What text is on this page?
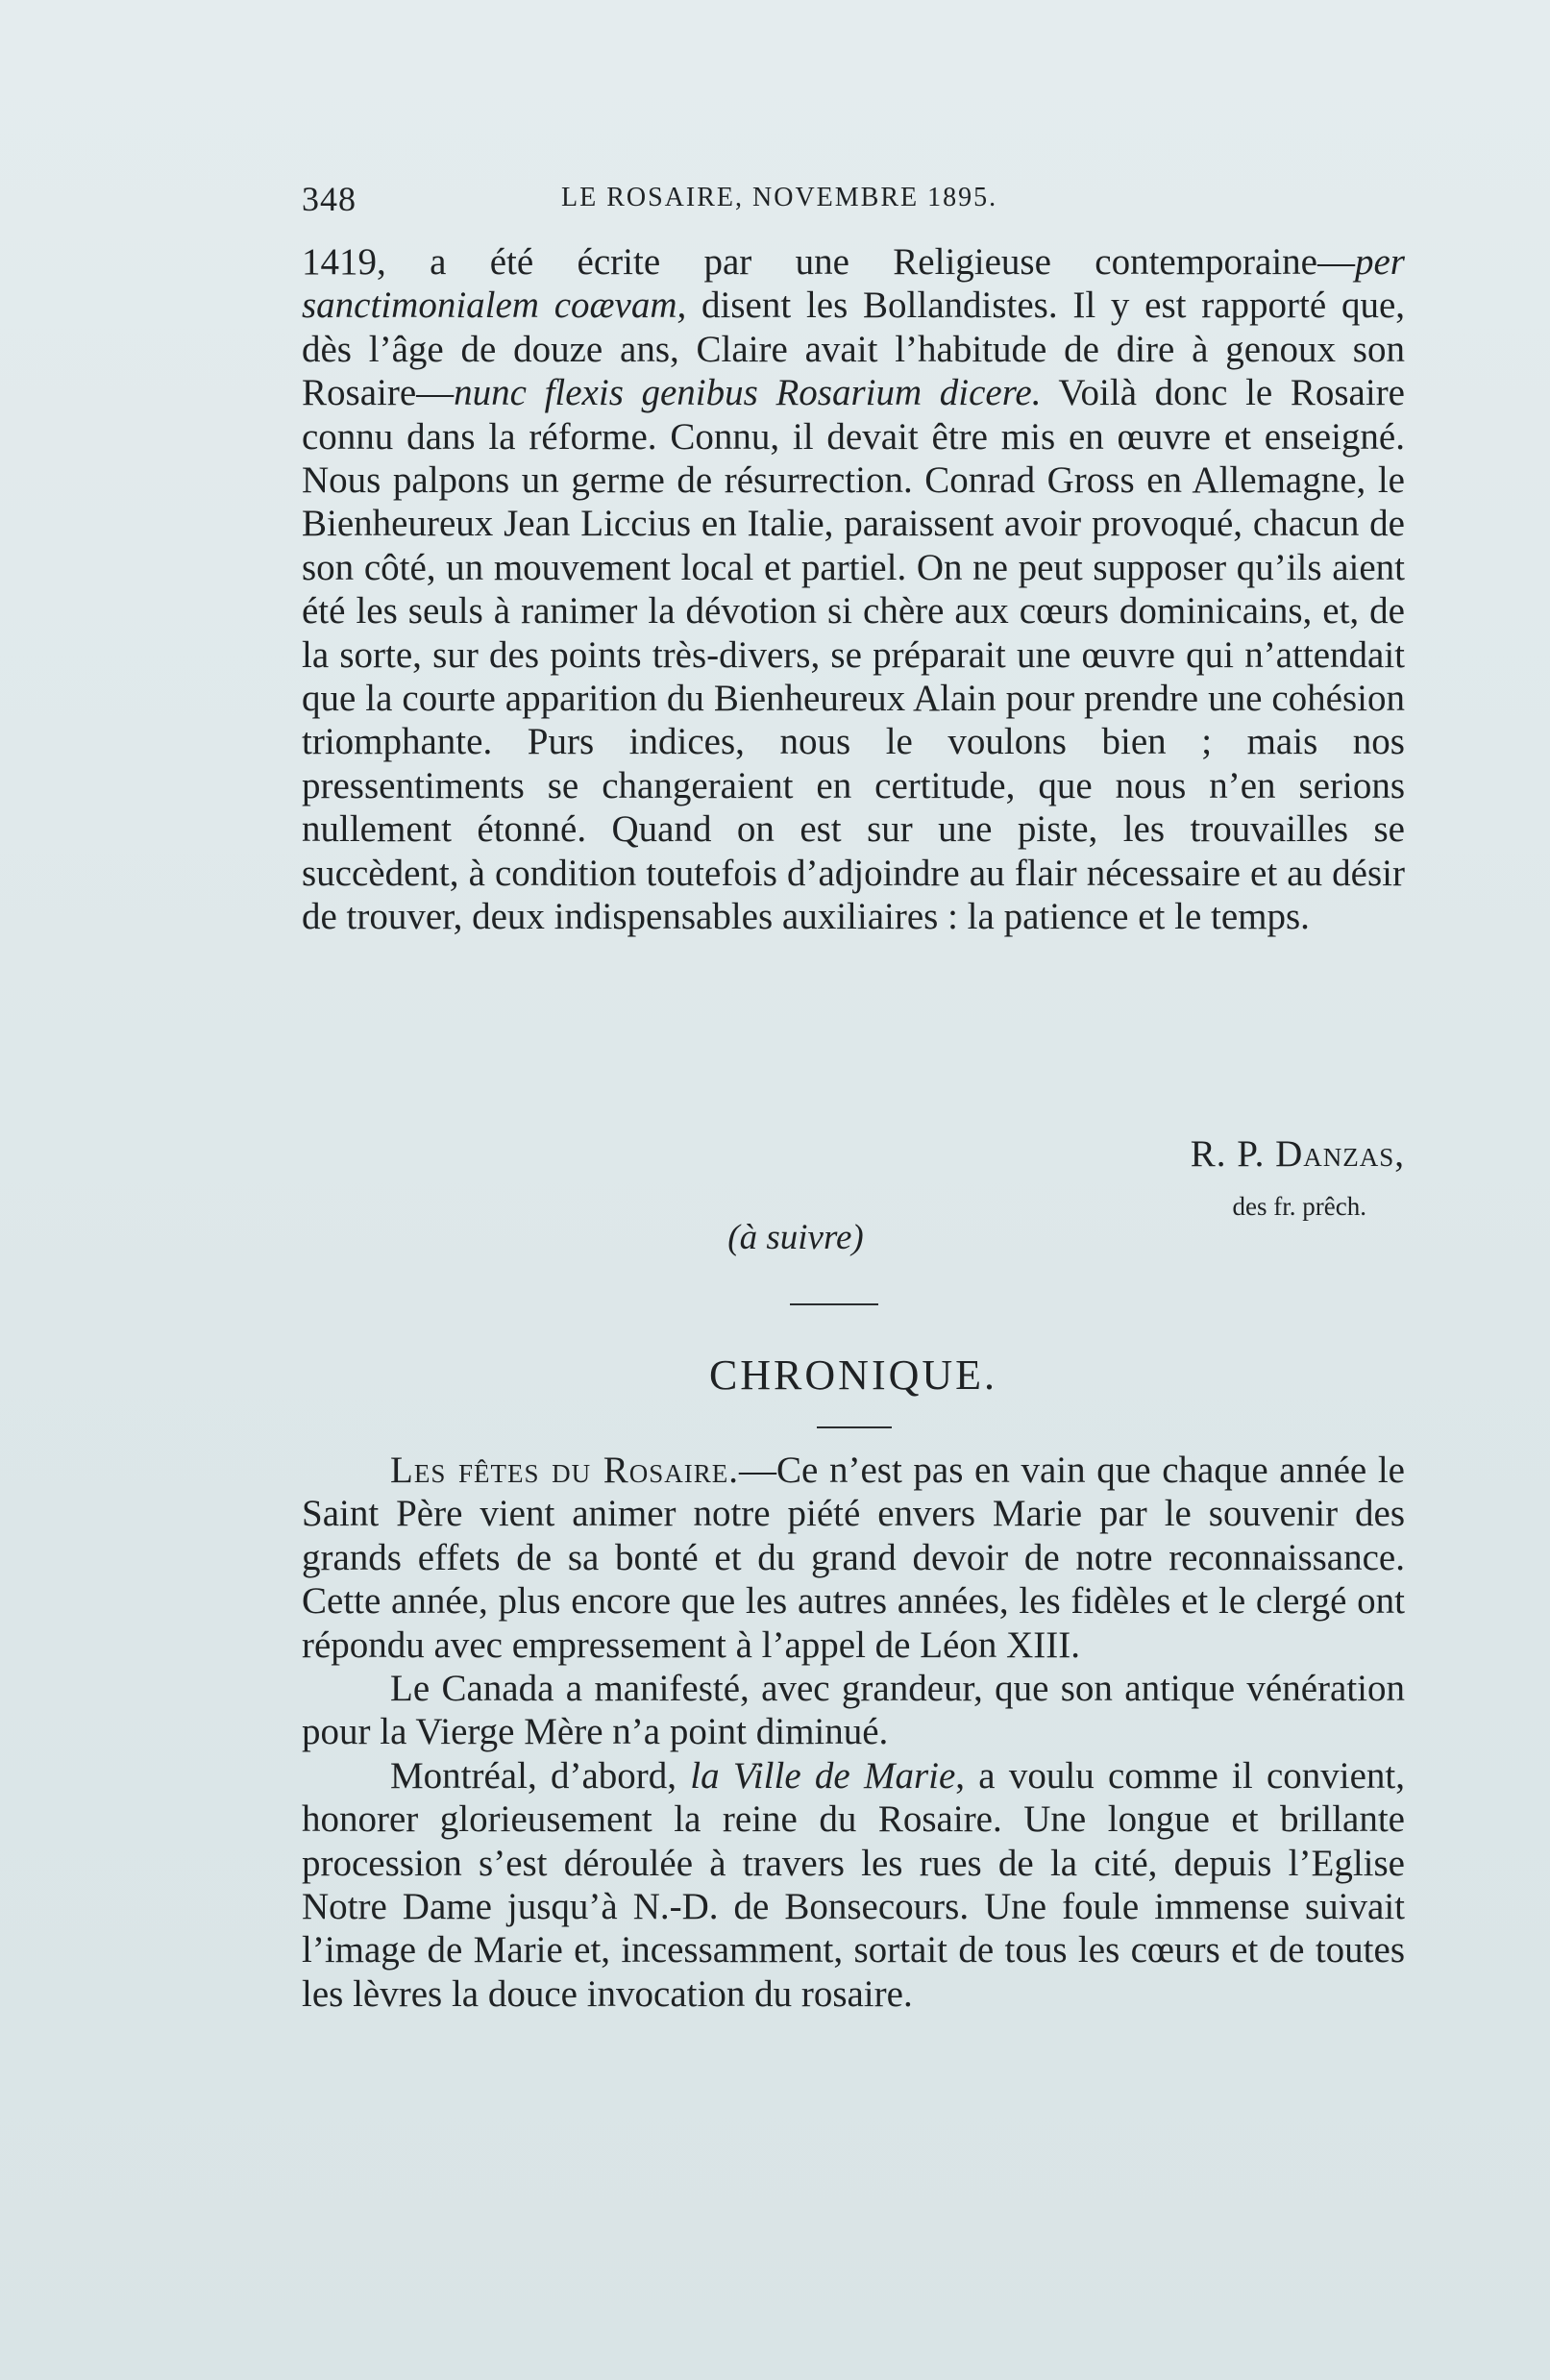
348	LE ROSAIRE, NOVEMBRE 1895.

1419, a été écrite par une Religieuse contemporaine—per sanctimonialem coævam, disent les Bollandistes. Il y est rapporté que, dès l’âge de douze ans, Claire avait l’habitude de dire à genoux son Rosaire—nunc flexis genibus Rosarium dicere. Voilà donc le Rosaire connu dans la réforme. Connu, il devait être mis en œuvre et enseigné. Nous palpons un germe de résurrection. Conrad Gross en Allemagne, le Bienheureux Jean Liccius en Italie, paraissent avoir provoqué, chacun de son côté, un mouvement local et partiel. On ne peut supposer qu’ils aient été les seuls à ranimer la dévotion si chère aux cœurs dominicains, et, de la sorte, sur des points très-divers, se préparait une œuvre qui n’attendait que la courte apparition du Bienheureux Alain pour prendre une cohésion triomphante. Purs indices, nous le voulons bien ; mais nos pressentiments se changeraient en certitude, que nous n’en serions nullement étonné. Quand on est sur une piste, les trouvailles se succèdent, à condition toutefois d’adjoindre au flair nécessaire et au désir de trouver, deux indispensables auxiliaires : la patience et le temps.

R. P. Danzas,
des fr. prêch.
(à suivre)
CHRONIQUE.

Les fêtes du Rosaire.—Ce n’est pas en vain que chaque année le Saint Père vient animer notre piété envers Marie par le souvenir des grands effets de sa bonté et du grand devoir de notre reconnaissance. Cette année, plus encore que les autres années, les fidèles et le clergé ont répondu avec empressement à l’appel de Léon XIII.

Le Canada a manifesté, avec grandeur, que son antique vénération pour la Vierge Mère n’a point diminué.

Montréal, d’abord, la Ville de Marie, a voulu comme il convient, honorer glorieusement la reine du Rosaire. Une longue et brillante procession s’est déroulée à travers les rues de la cité, depuis l’Eglise Notre Dame jusqu’à N.-D. de Bonsecours. Une foule immense suivait l’image de Marie et, incessamment, sortait de tous les cœurs et de toutes les lèvres la douce invocation du rosaire.
